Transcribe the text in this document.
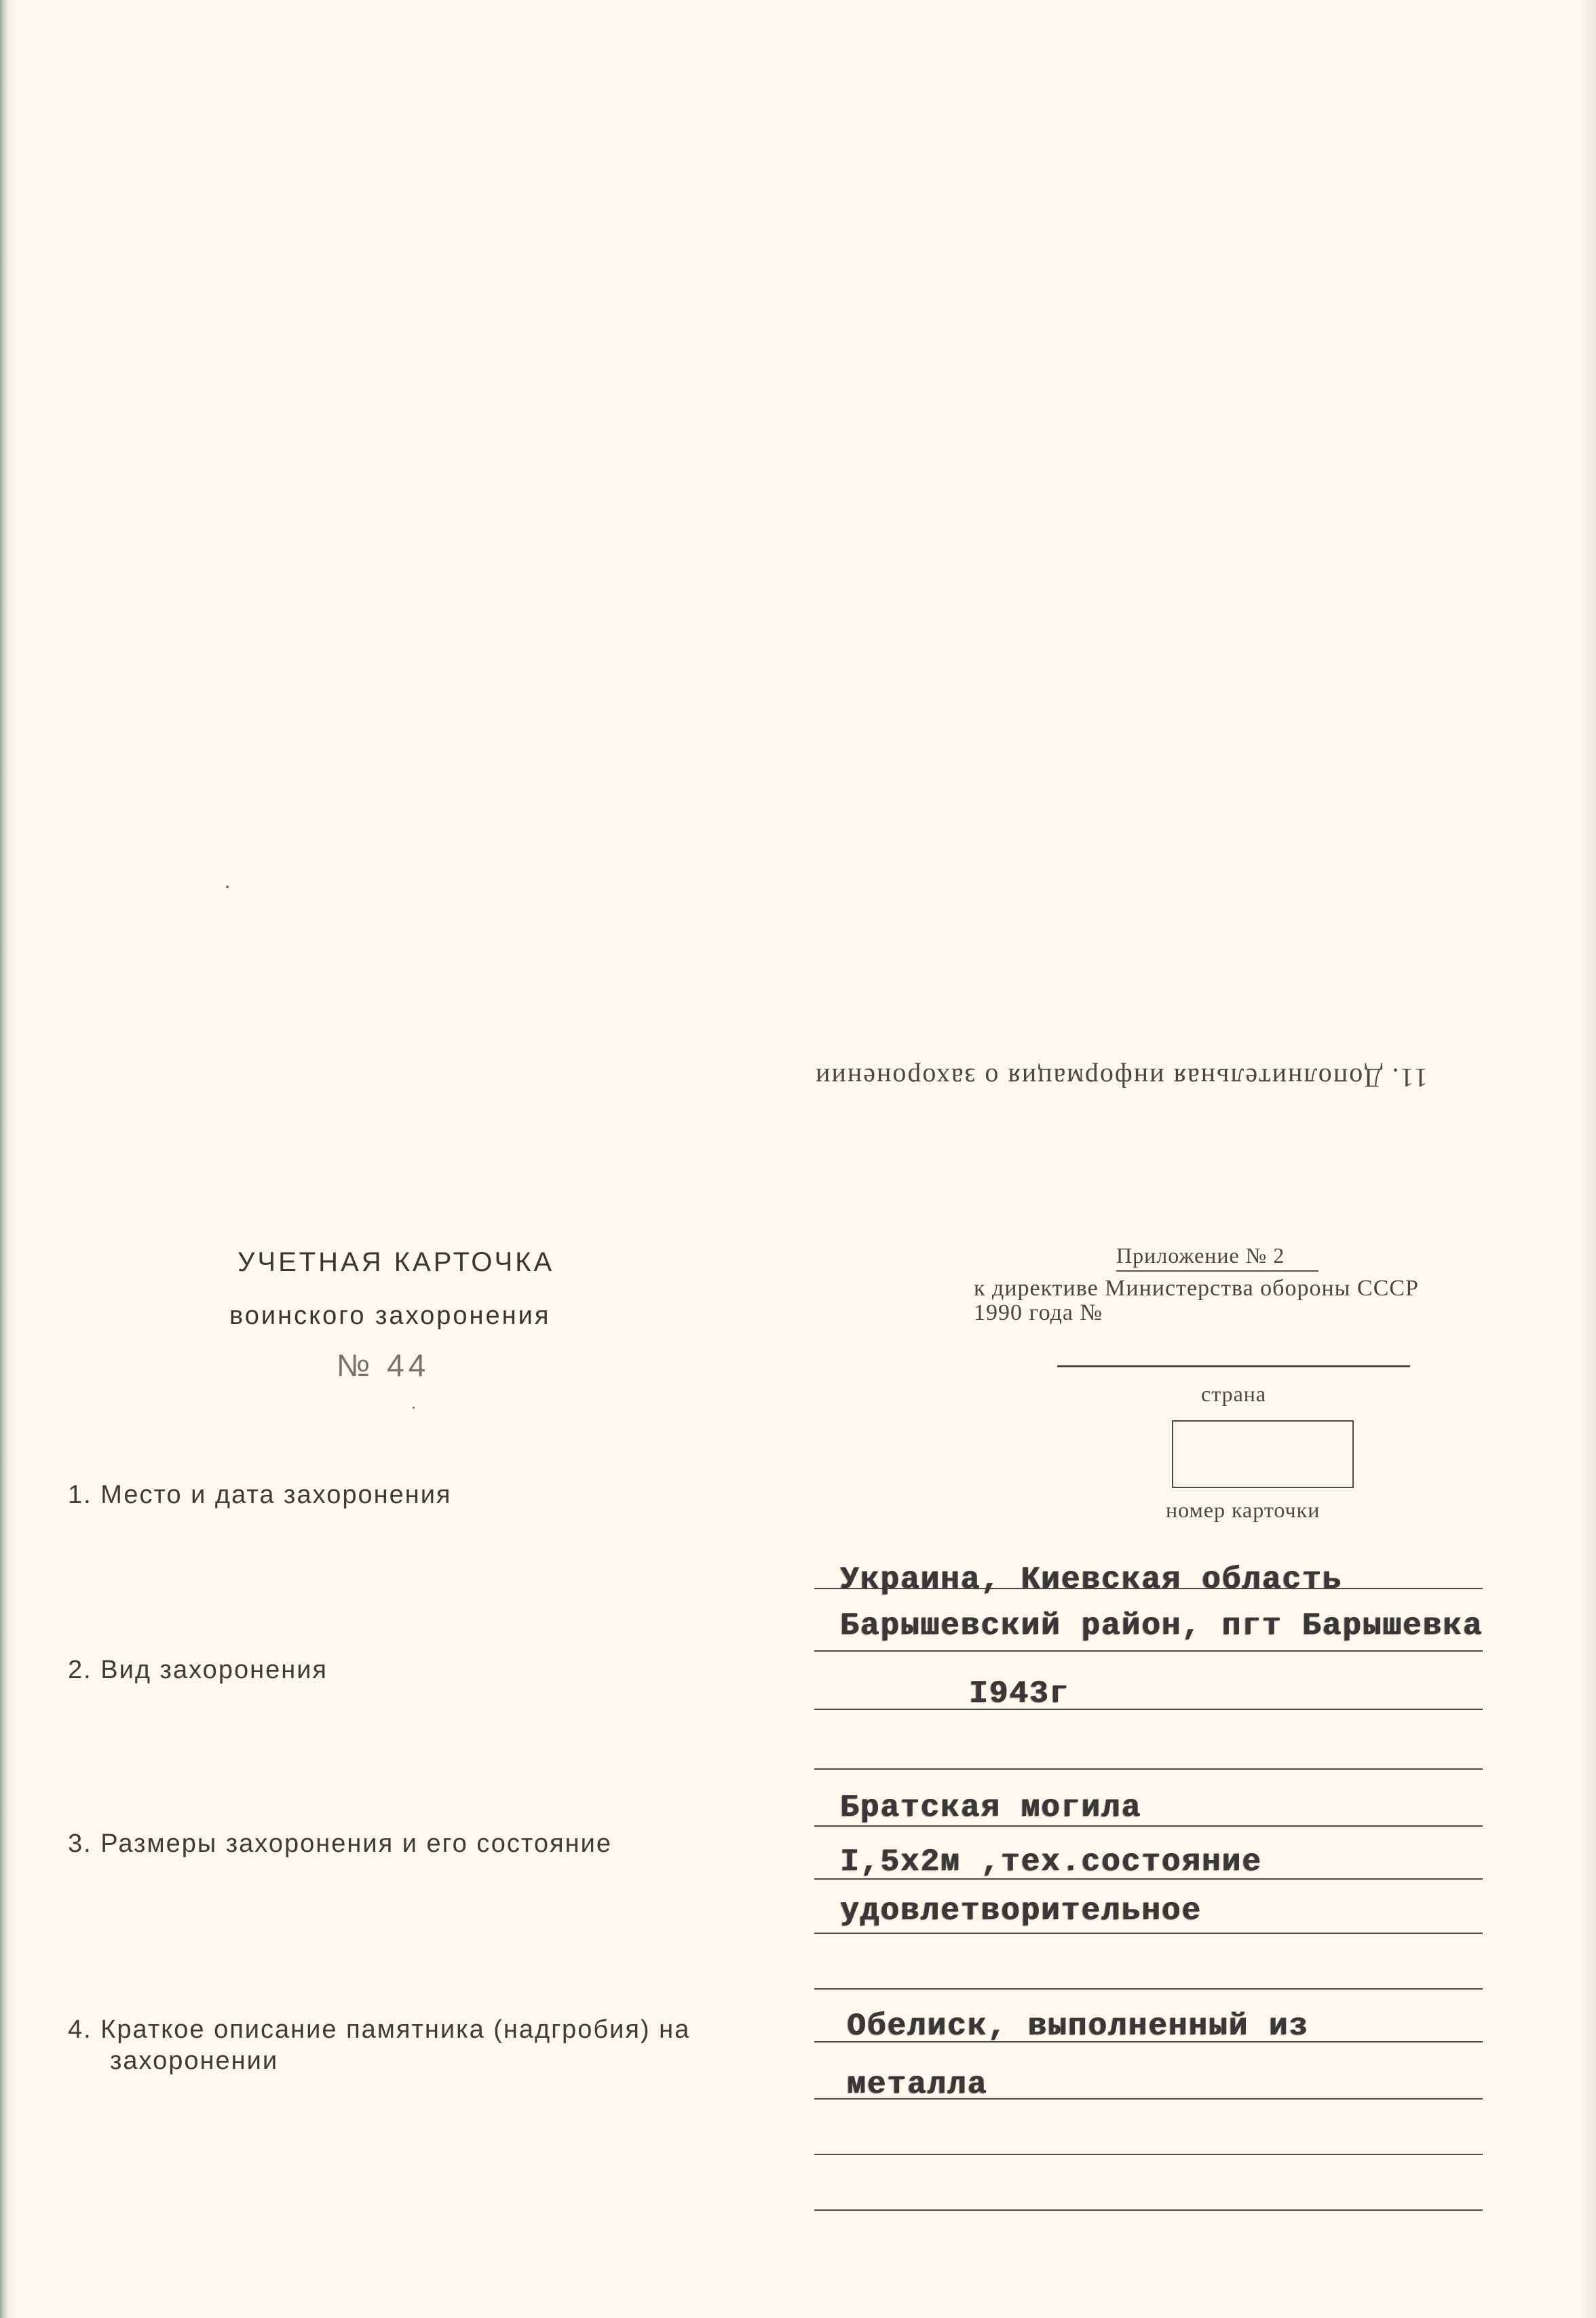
11. Дополнительная информация о захоронении
УЧЕТНАЯ КАРТОЧКА
воинского захоронения
№ 44
Приложение № 2
к директиве Министерства обороны СССР
1990 года №
страна
номер карточки
1. Место и дата захоронения
2. Вид захоронения
3. Размеры захоронения и его состояние
4. Краткое описание памятника (надгробия) на
захоронении
Украина, Киевская область
Барышевский район, пгт Барышевка
I943г
Братская могила
I,5х2м ,тех.состояние
удовлетворительное
Обелиск, выполненный из
металла
